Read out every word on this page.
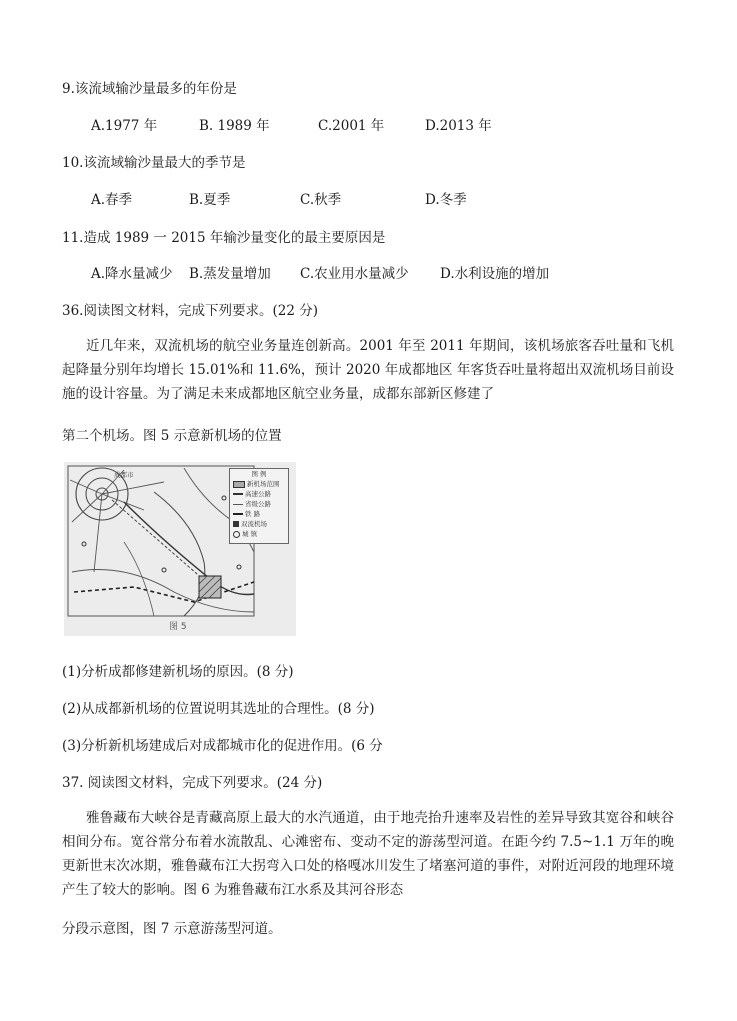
9.该流域输沙量最多的年份是
A.1977 年	B. 1989 年	C.2001 年	D.2013 年
10.该流域输沙量最大的季节是
A.春季	B.夏季	C.秋季	D.冬季
11.造成 1989 一 2015 年输沙量变化的最主要原因是
A.降水量减少 B.蒸发量增加 C.农业用水量减少 D.水利设施的增加
36.阅读图文材料，完成下列要求。(22 分)
近几年来，双流机场的航空业务量连创新高。2001 年至 2011 年期间，该机场旅客吞吐量和飞机起降量分别年均增长 15.01%和 11.6%，预计 2020 年成都地区 年客货吞吐量将超出双流机场目前设施的设计容量。为了满足未来成都地区航空业务量，成都东部新区修建了
第二个机场。图 5 示意新机场的位置
成都市	图 例
新机场范围
高速公路
省级公路
铁 路
双流机场
城 镇
图 5
(1)分析成都修建新机场的原因。(8 分)
(2)从成都新机场的位置说明其选址的合理性。(8 分)
(3)分析新机场建成后对成都城市化的促进作用。(6 分
37. 阅读图文材料，完成下列要求。(24 分)
雅鲁藏布大峡谷是青藏高原上最大的水汽通道，由于地壳抬升速率及岩性的差异导致其宽谷和峡谷相间分布。宽谷常分布着水流散乱、心滩密布、变动不定的游荡型河道。在距今约 7.5~1.1 万年的晚更新世末次冰期，雅鲁藏布江大拐弯入口处的格嘎冰川发生了堵塞河道的事件，对附近河段的地理环境产生了较大的影响。图 6 为雅鲁藏布江水系及其河谷形态
分段示意图，图 7 示意游荡型河道。
